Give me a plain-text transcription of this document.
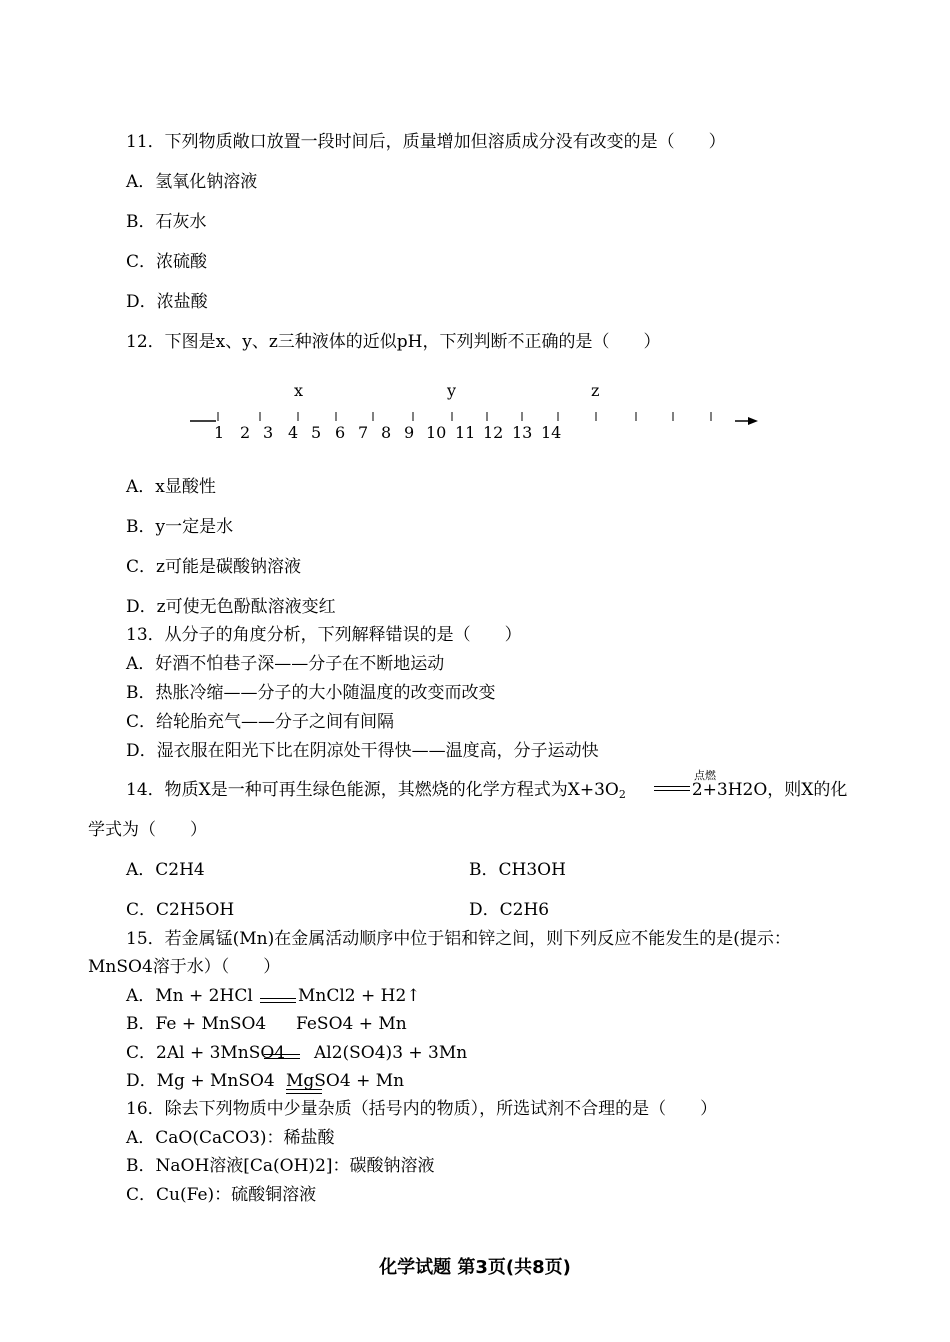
11．下列物质敞口放置一段时间后，质量增加但溶质成分没有改变的是（　　）
A．氢氧化钠溶液
B．石灰水
C．浓硫酸
D．浓盐酸
12．下图是x、y、z三种液体的近似pH，下列判断不正确的是（　　）
x	y	z
1 2 3 4 5 6 7 8 9 10 11 12 13 14
A．x显酸性
B．y一定是水
C．z可能是碳酸钠溶液
D．z可使无色酚酞溶液变红
13．从分子的角度分析，下列解释错误的是（　　）
A．好酒不怕巷子深——分子在不断地运动
B．热胀冷缩——分子的大小随温度的改变而改变
C．给轮胎充气——分子之间有间隔
D．湿衣服在阳光下比在阴凉处干得快——温度高，分子运动快
点燃
14．物质X是一种可再生绿色能源，其燃烧的化学方程式为$X+3O_2$	2+3H2O，则X的化
学式为（　　）
A．C2H4	B．CH3OH
C．C2H5OH	D．C2H6
15．若金属锰(Mn)在金属活动顺序中位于铝和锌之间，则下列反应不能发生的是(提示：
MnSO4溶于水）（　　）
A．Mn + 2HCl	MnCl2 + H2↑
B．Fe + MnSO4 FeSO4 + Mn
C．2Al + 3MnSO4 Al2(SO4)3 + 3Mn
D．Mg + MnSO4 MgSO4 + Mn
16．除去下列物质中少量杂质（括号内的物质），所选试剂不合理的是（　　）
A．CaO(CaCO3)：稀盐酸
B．NaOH溶液[Ca(OH)2]：碳酸钠溶液
C．Cu(Fe)：硫酸铜溶液
化学试题 第3页(共8页)
